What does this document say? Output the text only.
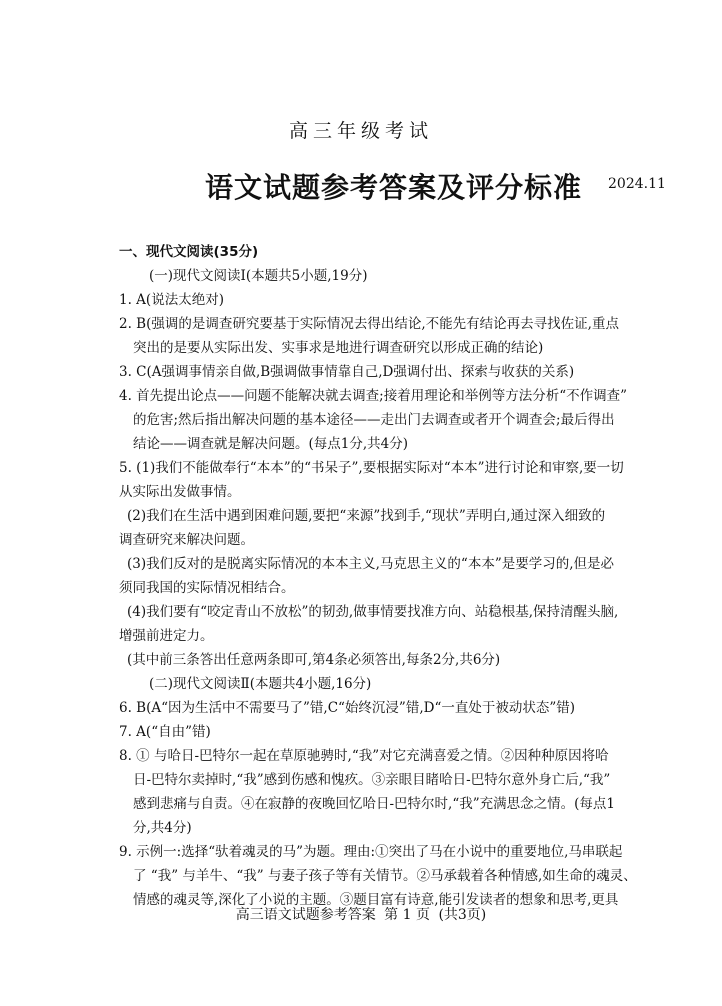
高三年级考试
语文试题参考答案及评分标准 2024.11
一、现代文阅读(35分)
(一)现代文阅读Ⅰ(本题共5小题,19分)
1. A(说法太绝对)
2. B(强调的是调查研究要基于实际情况去得出结论,不能先有结论再去寻找佐证,重点
突出的是要从实际出发、实事求是地进行调查研究以形成正确的结论)
3. C(A强调事情亲自做,B强调做事情靠自己,D强调付出、探索与收获的关系)
4. 首先提出论点——问题不能解决就去调查;接着用理论和举例等方法分析“不作调查”
的危害;然后指出解决问题的基本途径——走出门去调查或者开个调查会;最后得出
结论——调查就是解决问题。(每点1分,共4分)
5. (1)我们不能做奉行“本本”的“书呆子”,要根据实际对“本本”进行讨论和审察,要一切
从实际出发做事情。
(2)我们在生活中遇到困难问题,要把“来源”找到手,“现状”弄明白,通过深入细致的
调查研究来解决问题。
(3)我们反对的是脱离实际情况的本本主义,马克思主义的“本本”是要学习的,但是必
须同我国的实际情况相结合。
(4)我们要有“咬定青山不放松”的韧劲,做事情要找准方向、站稳根基,保持清醒头脑,
增强前进定力。
(其中前三条答出任意两条即可,第4条必须答出,每条2分,共6分)
(二)现代文阅读Ⅱ(本题共4小题,16分)
6. B(A“因为生活中不需要马了”错,C“始终沉浸”错,D“一直处于被动状态”错)
7. A(“自由”错)
8. ① 与哈日-巴特尔一起在草原驰骋时,“我”对它充满喜爱之情。②因种种原因将哈
日-巴特尔卖掉时,“我”感到伤感和愧疚。③亲眼目睹哈日-巴特尔意外身亡后,“我”
感到悲痛与自责。④在寂静的夜晚回忆哈日-巴特尔时,“我”充满思念之情。(每点1
分,共4分)
9. 示例一:选择“驮着魂灵的马”为题。理由:①突出了马在小说中的重要地位,马串联起
了 “我” 与羊牛、“我” 与妻子孩子等有关情节。②马承载着各种情感,如生命的魂灵、
情感的魂灵等,深化了小说的主题。③题目富有诗意,能引发读者的想象和思考,更具
高三语文试题参考答案 第 1 页 (共3页)
